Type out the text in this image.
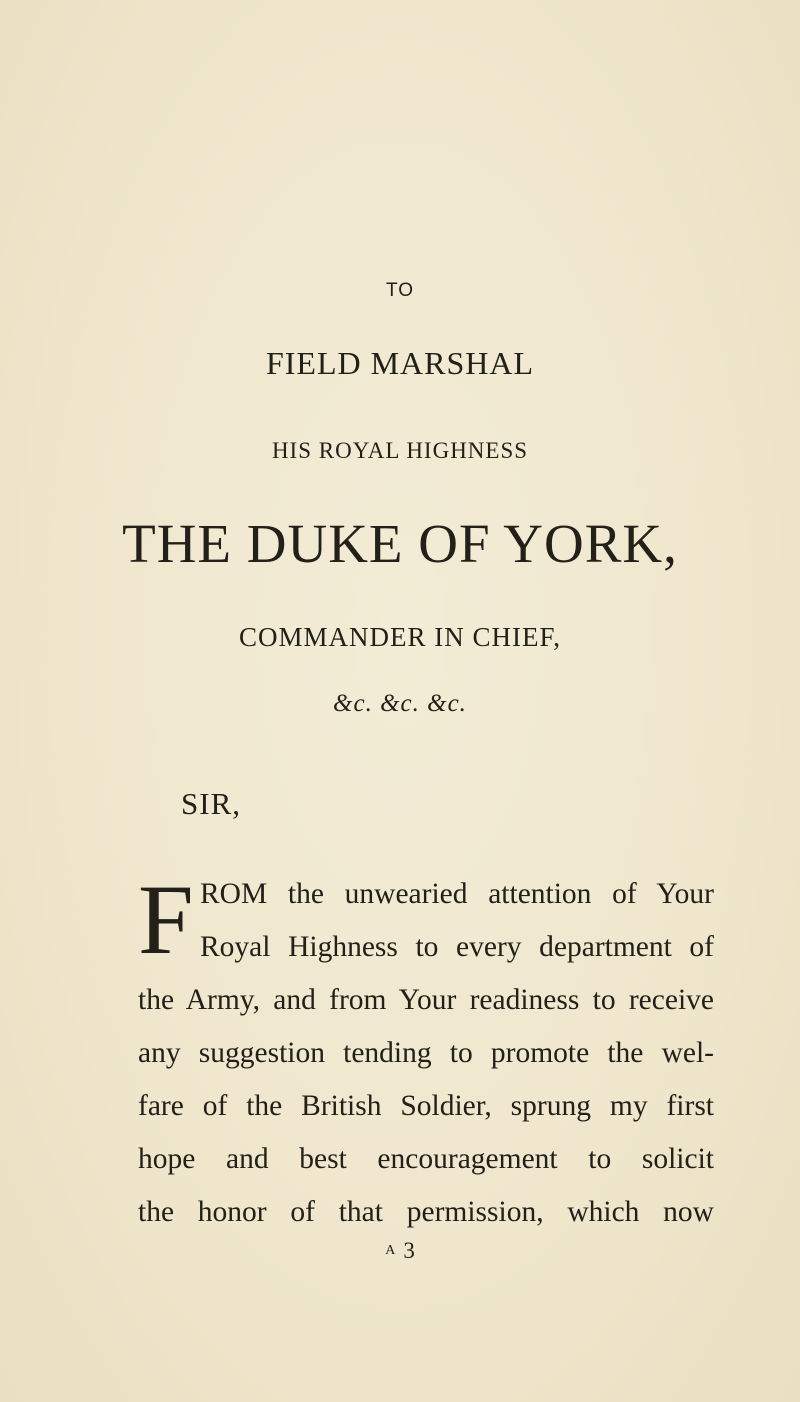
TO
FIELD MARSHAL
HIS ROYAL HIGHNESS
THE DUKE OF YORK,
COMMANDER IN CHIEF,
&c. &c. &c.
SIR,
F ROM the unwearied attention of Your
Royal Highness to every department of
the Army, and from Your readiness to receive
any suggestion tending to promote the wel-
fare of the British Soldier, sprung my first
hope and best encouragement to solicit
the honor of that permission, which now
A 3
